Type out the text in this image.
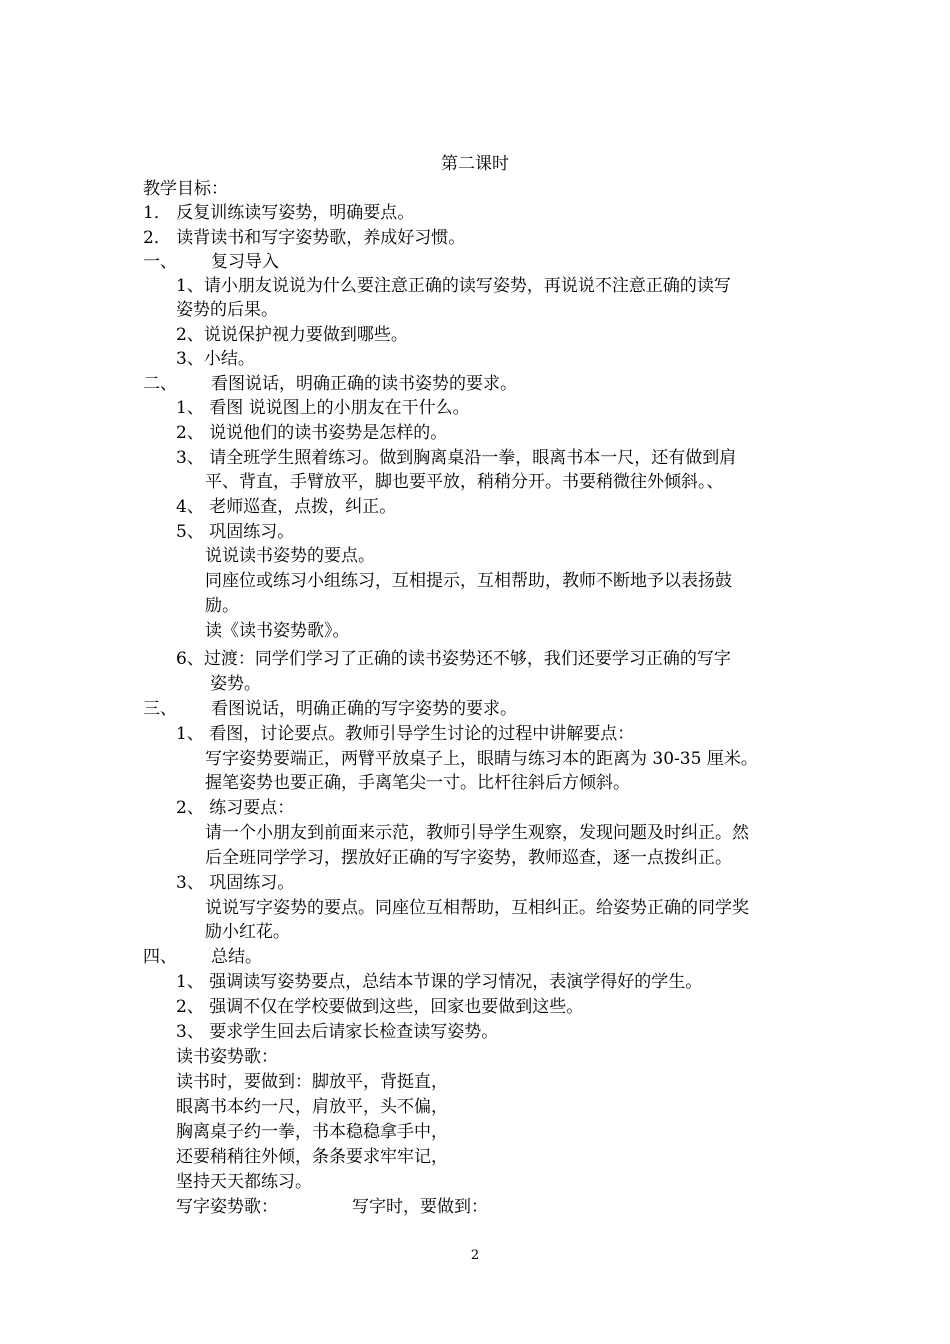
第二课时
教学目标：
1． 反复训练读写姿势，明确要点。
2． 读背读书和写字姿势歌，养成好习惯。
一、 复习导入
1、请小朋友说说为什么要注意正确的读写姿势，再说说不注意正确的读写
姿势的后果。
2、说说保护视力要做到哪些。
3、小结。
二、 看图说话，明确正确的读书姿势的要求。
1、 看图 说说图上的小朋友在干什么。
2、 说说他们的读书姿势是怎样的。
3、 请全班学生照着练习。做到胸离桌沿一拳，眼离书本一尺，还有做到肩
平、背直，手臂放平，脚也要平放，稍稍分开。书要稍微往外倾斜。、
4、 老师巡查，点拨，纠正。
5、 巩固练习。
说说读书姿势的要点。
同座位或练习小组练习，互相提示，互相帮助，教师不断地予以表扬鼓
励。
读《读书姿势歌》。
6、过渡：同学们学习了正确的读书姿势还不够，我们还要学习正确的写字
姿势。
三、 看图说话，明确正确的写字姿势的要求。
1、 看图，讨论要点。教师引导学生讨论的过程中讲解要点：
写字姿势要端正，两臂平放桌子上，眼睛与练习本的距离为 30-35 厘米。
握笔姿势也要正确，手离笔尖一寸。比杆往斜后方倾斜。
2、 练习要点：
请一个小朋友到前面来示范，教师引导学生观察，发现问题及时纠正。然
后全班同学学习，摆放好正确的写字姿势，教师巡查，逐一点拨纠正。
3、 巩固练习。
说说写字姿势的要点。同座位互相帮助，互相纠正。给姿势正确的同学奖
励小红花。
四、 总结。
1、 强调读写姿势要点，总结本节课的学习情况，表演学得好的学生。
2、 强调不仅在学校要做到这些，回家也要做到这些。
3、 要求学生回去后请家长检查读写姿势。
读书姿势歌：
读书时，要做到：脚放平，背挺直，
眼离书本约一尺，肩放平，头不偏，
胸离桌子约一拳，书本稳稳拿手中，
还要稍稍往外倾，条条要求牢牢记，
坚持天天都练习。
写字姿势歌：	写字时，要做到：
2
